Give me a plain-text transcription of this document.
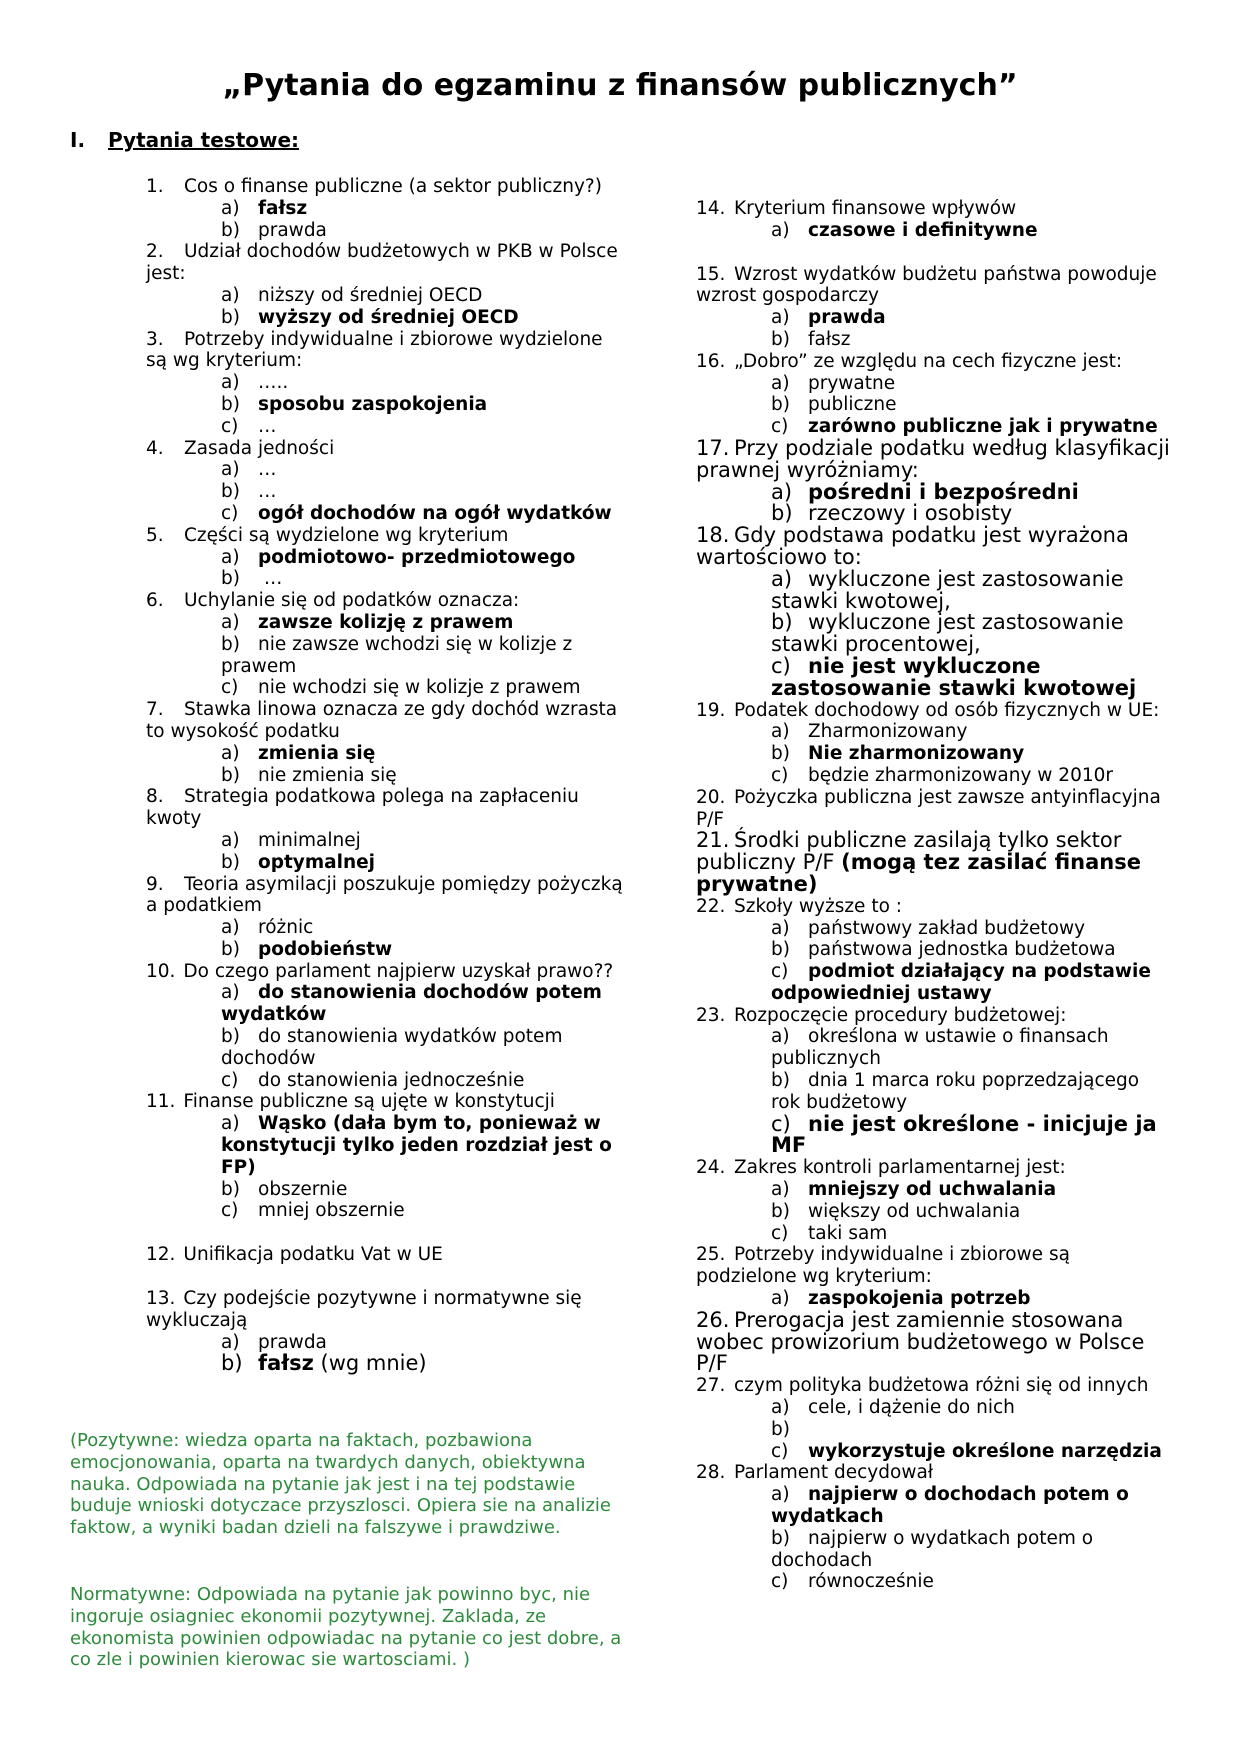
„Pytania do egzaminu z finansów publicznych”
I. Pytania testowe:
1. Cos o finanse publiczne (a sektor publiczny?)
a) fałsz
b) prawda
2. Udział dochodów budżetowych w PKB w Polsce jest:
a) niższy od średniej OECD
b) wyższy od średniej OECD
3. Potrzeby indywidualne i zbiorowe wydzielone są wg kryterium:
a) …..
b) sposobu zaspokojenia
c) …
4. Zasada jedności
a) …
b) …
c) ogół dochodów na ogół wydatków
5. Części są wydzielone wg kryterium
a) podmiotowo- przedmiotowego
b) …
6. Uchylanie się od podatków oznacza:
a) zawsze kolizję z prawem
b) nie zawsze wchodzi się w kolizje z prawem
c) nie wchodzi się w kolizje z prawem
7. Stawka linowa oznacza ze gdy dochód wzrasta to wysokość podatku
a) zmienia się
b) nie zmienia się
8. Strategia podatkowa polega na zapłaceniu kwoty
a) minimalnej
b) optymalnej
9. Teoria asymilacji poszukuje pomiędzy pożyczką a podatkiem
a) różnic
b) podobieństw
10. Do czego parlament najpierw uzyskał prawo??
a) do stanowienia dochodów potem wydatków
b) do stanowienia wydatków potem dochodów
c) do stanowienia jednocześnie
11. Finanse publiczne są ujęte w konstytucji
a) Wąsko (dała bym to, ponieważ w konstytucji tylko jeden rozdział jest o FP)
b) obszernie
c) mniej obszernie
12. Unifikacja podatku Vat w UE
13. Czy podejście pozytywne i normatywne się wykluczają
a) prawda
b) fałsz (wg mnie)
14. Kryterium finansowe wpływów
a) czasowe i definitywne
15. Wzrost wydatków budżetu państwa powoduje wzrost gospodarczy
a) prawda
b) fałsz
16. „Dobro” ze względu na cech fizyczne jest:
a) prywatne
b) publiczne
c) zarówno publiczne jak i prywatne
17. Przy podziale podatku według klasyfikacji prawnej wyróżniamy:
a) pośredni i bezpośredni
b) rzeczowy i osobisty
18. Gdy podstawa podatku jest wyrażona wartościowo to:
a) wykluczone jest zastosowanie stawki kwotowej,
b) wykluczone jest zastosowanie stawki procentowej,
c) nie jest wykluczone zastosowanie stawki kwotowej
19. Podatek dochodowy od osób fizycznych w UE:
a) Zharmonizowany
b) Nie zharmonizowany
c) będzie zharmonizowany w 2010r
20. Pożyczka publiczna jest zawsze antyinflacyjna P/F
21. Środki publiczne zasilają tylko sektor publiczny P/F (mogą tez zasilać finanse prywatne)
22. Szkoły wyższe to :
a) państwowy zakład budżetowy
b) państwowa jednostka budżetowa
c) podmiot działający na podstawie odpowiedniej ustawy
23. Rozpoczęcie procedury budżetowej:
a) określona w ustawie o finansach publicznych
b) dnia 1 marca roku poprzedzającego rok budżetowy
c) nie jest określone - inicjuje ja MF
24. Zakres kontroli parlamentarnej jest:
a) mniejszy od uchwalania
b) większy od uchwalania
c) taki sam
25. Potrzeby indywidualne i zbiorowe są podzielone wg kryterium:
a) zaspokojenia potrzeb
26. Prerogacja jest zamiennie stosowana wobec prowizorium budżetowego w Polsce P/F
27. czym polityka budżetowa różni się od innych
a) cele, i dążenie do nich
b)
c) wykorzystuje określone narzędzia
28. Parlament decydował
a) najpierw o dochodach potem o wydatkach
b) najpierw o wydatkach potem o dochodach
c) równocześnie
(Pozytywne: wiedza oparta na faktach, pozbawiona emocjonowania, oparta na twardych danych, obiektywna nauka. Odpowiada na pytanie jak jest i na tej podstawie buduje wnioski dotyczace przyszlosci. Opiera sie na analizie faktow, a wyniki badan dzieli na falszywe i prawdziwe.
Normatywne: Odpowiada na pytanie jak powinno byc, nie ingoruje osiagniec ekonomii pozytywnej. Zaklada, ze ekonomista powinien odpowiadac na pytanie co jest dobre, a co zle i powinien kierowac sie wartosciami. )
